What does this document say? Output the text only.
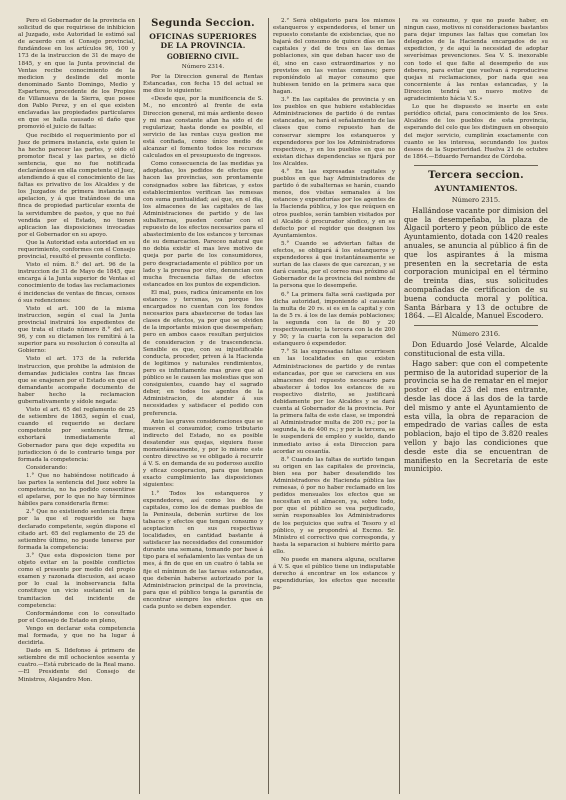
Pero el Gobernador de la provincia en solicitud de que requiriese de inhibicion al Juzgado, este Autoridad le estimó sal de acuerdo con el Consejo provincial, fundándose en los artículos 96, 100 y 173 de la instruccion de 31 de mayo de 1845, y en que la Junta provincial de Ventas recibe conocimiento de la medicion y deslinde del monte denominado Santo Domingo, Medio y Esparteros, procedente de los Propios de Villanueva de la Sierra, que posee don Pablo Perez, y en el que existen enclavadas las propiedades particulares en que se halla causado el daño que promovió el juicio de faltas:

Que recibido el requerimiento por el Juez de primera instancia, este quien le ha hecho parecer las partes, y oido el promotor fiscal y las partes, se dictó sentencia, que no fue notificada declarándose en ella competente el Juez, atendiendo á que el conocimiento de las faltas es privativo de los Alcaldes y de los Juzgados de primera instancia en apelacion, y á que tratándose de una finca de propiedad particular exenta de la servidumbre de pastos, y que no fué vendida por el Estado, no tienen aplicacion las disposiciones invocadas por el Gobernador en su apoyo.

Que la Autoridad esta autoridad en su requerimiento, conformes con el Consejo provincial, resultó el presente conflicto.

Visto el núm. 8.° del art. 96 de la instruccion de 31 de Mayo de 1845, que encarga á la Junta superior de Ventas el conocimiento de todas las reclamaciones é incidencias de ventas de fincas, censos ó sus redenciones:

Visto el art. 100 de la misma instruccion, según el cual la Junta provincial instruirá los expedientes de que trata el citado número 8.° del art. 96, y con su dictamen los remitirá á la superior para su resolucion ó consulta al Gobierno:

Visto el art. 173 de la referida instruccion, que prohibe la admision de demandas judiciales contra las fincas que se enajenen por el Estado en que el demandante acompañe documento de haber hecho la reclamacion gubernativamente y sídole negada:

Visto el art. 65 del reglamento de 25 de setiembre de 1863, según el cual, cuando el requerido se declare competente por sentencia firme, exhortará inmediatamente al Gobernador para que deje expedita su jurisdiccion ó de lo contrario tenga por formada la competencia:

Considerando:

1.° Que no habiéndose notificado á las partes la sentencia del Juez sobre la competencia, no ha podido consentirse el apelarse, por lo que no hay términos hábiles para considerarla firme:

2.° Que no existiendo sentencia firme por la que el requerido se haya declarado competente, según dispone el citado art. 65 del reglamento de 25 de setiembre último, no puede tenerse por formada la competencia:

3.° Que esta disposicion tiene por objeto evitar en la posible conflictos como el presente por medio del propio examen y razonada discusion, asi acaso por lo cual la inobservancia falta constituye un vicio sustancial en la tramitacion del incidente de competencia:

Conformándome con lo consultado por el Consejo de Estado en pleno,

Vengo en declarar esta competencia mal formada, y que no ha lugar á decidirla.

Dado en S. Ildefonso á primero de setiembre de mil ochocientos sesenta y cuatro.—Está rubricado de la Real mano.—El Presidente del Consejo de Ministros, Alejandro Mon.

Segunda Seccion.
OFICINAS SUPERIORES DE LA PROVINCIA.
GOBIERNO CIVIL.
Número 2314.

Por la Direccion general de Rentas Estancadas, con fecha 15 del actual se me dice lo siguiente:

«Desde que, por la munificencia de S. M., no encontró al frente de esta Direccion general, mi más ardiente deseo y mi mas constante afan ha sido el de regularizar, hasta donde es posible, el servicio de las rentas cuya gestion me está confiada, como único medio de alcanzar el fomento todos los recursos calculados en el presupuesto de ingresos.

Como consecuencia de las medidas ya adoptadas, los pedidos de efectos que hacen las provincias, son prontamente consignados sobre las fábricas, y estos establecimientos verifican las remesas con suma puntualidad; así que, en el dia, los almacenes de las capitales de las Administraciones de partido y de las subalternas, pueden contar con el repuesto de los efectos necesarios para el abastecimiento de los estancos y tercenas de su demarcacion. Pareceo natural que no debia existir el mas leve motivo de queja por parte de los consumidores, pero desgraciadamente el público por un lado y la prensa por otro, denuncian con mucha frecuencia faltas de efectos estancados en los puntos de expendicion.

El mal, pues, radica únicamente en los estancos y tercenas, ya porque los encargados no cuentan con los fondos necesarios para abastecerse de todas las clases de efectos, ya por que se olviden de la importante mision que desempeñan; pero en ambos casos resultan perjuicios de consideracion y de trascendencia. Sensible es que, con su injustificable conducta, proceder, priven á la Hacienda de legitimos y naturales rendimientos, pero es infinitamente mas grave que al público se le causen las molestias que son consiguientes, cuando hay el sagrado deber, en todos los agentes de la Administracion, de atender á sus necesidades y satisfacer el pedido con preferencia.

Ante las graves consideraciones que se mueven el consumidor, como tributario indirecto del Estado, no es posible desatender sus quejas, siquiera fuese momentáneamente, y por lo mismo este centro directivo se ve obligado á recurrir á V. S. en demanda de su poderoso auxilio y eficaz cooperacion, para que tengan exacto cumplimiento las disposiciones siguientes:

1.° Todos los estanqueros y expendedores, así como los de las capitales, como los de demas pueblos de la Peninsula, deberán surtirse de los tabacos y efectos que tengan consumo y aceptacion en sus respectivas localidades, en cantidad bastante á satisfacer las necesidades del consumidor durante una semana, tomando por base á tipo para el señalamiento las ventas de un mes, á fin de que en un cuatro ó tabla se fije el mínimun de las tareas estancadas, que deberán haberse autorizado por la Administracion principal de la provincia, para que el público tenga la garantía de encontrar siempre los efectos que en cada punto se deben expender.

2.° Será obligatorio para los mismos estanqueros y expendedores, el tener un repuesto constante de existencias, que no bajará del consumo de quince días en las capitales y del de tres en las demas poblaciones, sin que deban hacer uso de él, sino en caso extraordinarios y no previstos en las ventas comunes; pero reponiéndolo al mayor consumo que hubiesen tenido en la primera saca que hagan.

3.° En las capitales de provincia y en los pueblos en que hubiere establecidas Administraciones de partido ó de rentas estancadas, se hará el señalamiento de las clases que como repuesto han de conservar siempre los estanqueros y expendedores por los los Administradores respectivos, y en los pueblos en que no existan dichas dependencias se fijará por los Alcaldes.

4.° En las expresadas capitales y pueblos en que hay Administradores de partido ó de subalternas se harán, cuando menos, dos visitas semanales á los estancos y expendurías por los agentes de la Hacienda pública, y los que reúquen en otros pueblos, serán tambien visitados por el Alcalde ó procurador síndico, y en su defecto por el regidor que designen los Ayuntamientos.

5.° Cuando se adviertan faltas de efectos, se obligará á los estanqueros y expendedores á que instantáneamente se surtan de las clases de que carezcan, y se dará cuenta, por el correo mas próximo al Gobernador de la provincia del nombre de la persona que lo desempeñe.

6.° La primera falta será castigada por dicha autoridad, imponiendo al causante la multa de 20 rs. si es en la capital y con la de 5 rs. á los de las demás poblaciones; la segunda con la de 80 y 20 respectivamente; la tercera con la de 200 y 50; y la cuarta con la separacion del estanquero ó expendedor.

7.° Si las expresadas faltas ocurriesen en las localidades en que existen Administraciones de partido y de rentas estancadas, por que se careciera en sus almacenes del repuesto necesario para abastecer á todos los estancos de su respectivo distrito, se justificará debidamente por los Alcaldes y se dará cuenta al Gobernador de la provincia. Por la primera falta de este clase, se impondrá al Administrador multa de 200 rs.; por la segunda, la de 400 rs.; y por la tercera, se le suspenderá de empleo y sueldo, dando inmediato aviso á esta Direccion para acordar su cesantía.

8.° Cuando las faltas de surtido tengan su origen en las capitales de provincia, bien sea por haber desatendido los Administradores de Hacienda pública las remesas, ó por no haber reclamado en los pedidos mensuales los efectos que se necesitan en el almacen, ya, sobre todo, por que el público se vea perjudicado, serán responsables los Administradores de los perjuicios que sufra el Tesoro y el público, y se propondrá al Excmo. Sr. Ministro el correctivo que corresponda, y hasta la separacion si hubiere mérito para ello.

No puede en manera alguna, ocultarse á V. S. que el público tiene un indisputable derecho á encontrar en los estancos y expendidurías, los efectos que necesite pa-

ra su consumo, y que no puede haber, en ningun caso, motivos ni consideraciones bastantes para dejar impunes las faltas que cometan los delegados de la Hacienda encargados de su expedicion, y de aquí la necesidad de adoptar severísimas prevenciones. Sea V. S. inexorable con todo el que falte al desempeño de sus deberes, para evitar que vuelvan á reproducirse quejas ni reclamaciones, por nada que sea concerniente á las rentas estancadas, y la Direccion tendrá un nuevo motivo de agradecimiento hácia V. S.»

Lo que he dispuesto se inserte en este periódico oficial, para conocimiento de los Sres. Alcaldes de los pueblos de esta provincia, esperando del celo que les distinguen en obsequio del mejor servicio, cumplirán exactamente con cuanto se les interesa, secundando los justos deseos de la Superioridad. Huelva 21 de octubre de 1864.—Eduardo Fernandez de Córdoba.

Tercera seccion.
AYUNTAMIENTOS.
Número 2315.

Hallándose vacante por dimision del que la desempeñaba, la plaza de Algacil portero y peon público de este Ayuntamiento, dotada con 1420 reales anuales, se anuncia al público á fin de que los aspirantes á la misma presenten en la secretaria de esta corporacion municipal en el término de treinta dias, sus solicitudes acompañadas de certificacion de su buena conducta moral y política. Santa Bárbara y 13 de octubre de 1864. —El Alcalde, Manuel Escodero.

Número 2316.

Don Eduardo José Velarde, Alcalde constitucional de esta villa.

Hago saber: que con el competente permiso de la autoridad superior de la provincia se ha de rematar en el mejor postor el dia 23 del mes entrante, desde las doce á las dos de la tarde del mismo y ante el Ayuntamiento de esta villa, la obra de reparacion de empedrado de varias calles de esta poblacion, bajo el tipo de 3.820 reales vellon y bajo las condiciones que desde este dia se encuentran de manifiesto en la Secretaría de este municipio.
